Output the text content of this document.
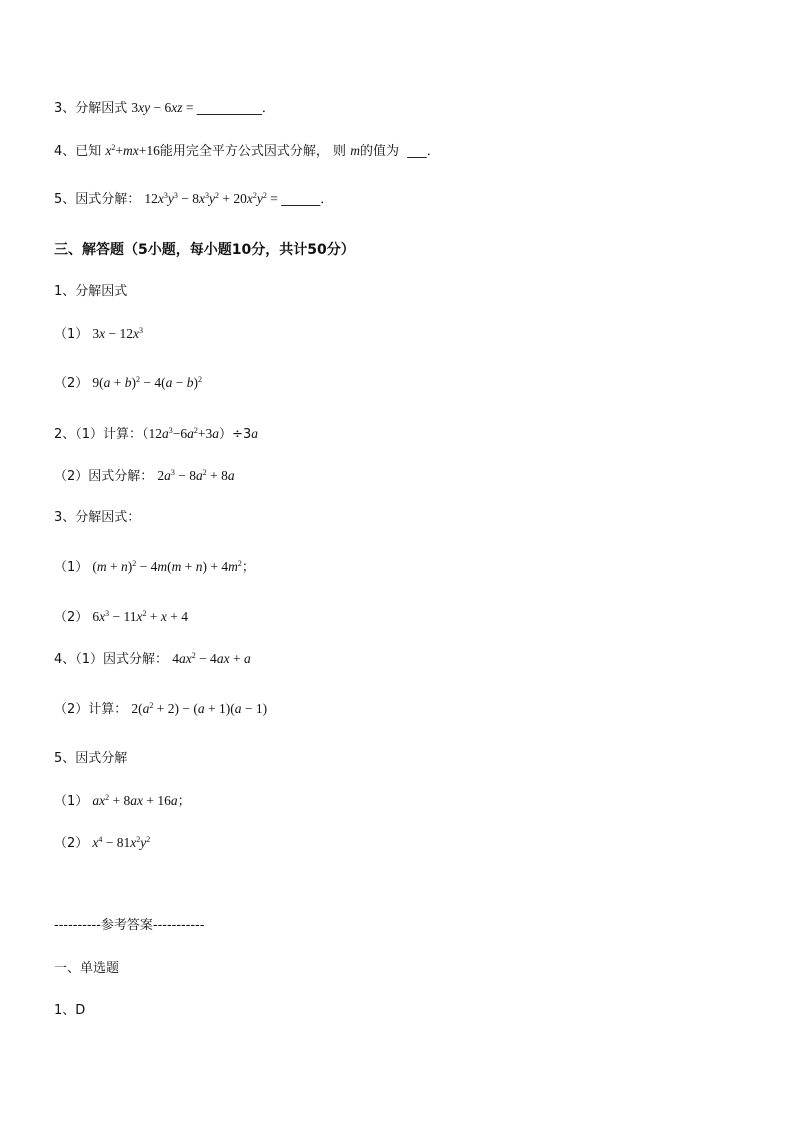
3、分解因式 3xy − 6xz = __________．
4、已知 $x^2+mx+16$能用完全平方公式因式分解， 则 m的值为 ___．
5、因式分解： $12x^3y^3 - 8x^3y^2 + 20x^2y^2$ = ______．
三、解答题（5小题，每小题10分，共计50分）
1、分解因式
（1） $3x - 12x^3$
（2） $9(a + b)^2 - 4(a - b)^2$
2、（1）计算：$(12a^3-6a^2+3a)\div 3a$
（2）因式分解： $2a^3 - 8a^2 + 8a$
3、分解因式：
（1） $(m + n)^2 - 4m(m + n) + 4m^2$；
（2） $6x^3 - 11x^2 + x + 4$
4、（1）因式分解： $4ax^2 - 4ax + a$
（2）计算： $2(a^2 + 2) - (a + 1)(a - 1)$
5、因式分解
（1） $ax^2 + 8ax + 16a$；
（2） $x^4 - 81x^2y^2$
----------参考答案-----------
一、单选题
1、D
